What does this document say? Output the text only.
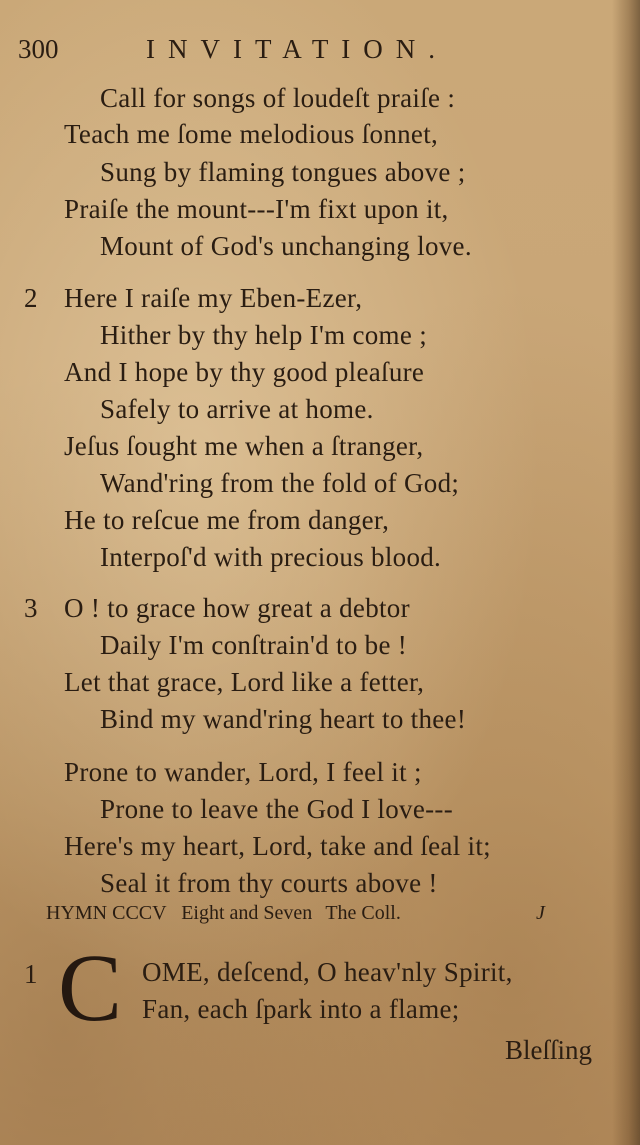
300	INVITATION.
Call for songs of loudeſt praiſe :
Teach me ſome melodious ſonnet,
Sung by flaming tongues above ;
Praiſe the mount---I'm fixt upon it,
Mount of God's unchanging love.
2 Here I raiſe my Eben-Ezer,
Hither by thy help I'm come ;
And I hope by thy good pleaſure
Safely to arrive at home.
Jeſus ſought me when a ſtranger,
Wand'ring from the fold of God;
He to reſcue me from danger,
Interpoſ'd with precious blood.
3 O ! to grace how great a debtor
Daily I'm conſtrain'd to be !
Let that grace, Lord like a fetter,
Bind my wand'ring heart to thee!
Prone to wander, Lord, I feel it ;
Prone to leave the God I love---
Here's my heart, Lord, take and ſeal it;
Seal it from thy courts above !
HYMN CCCV Eight and Seven The Coll.	J
1 C OME, deſcend, O heav'nly Spirit,
Fan, each ſpark into a flame;
Bleſſing
